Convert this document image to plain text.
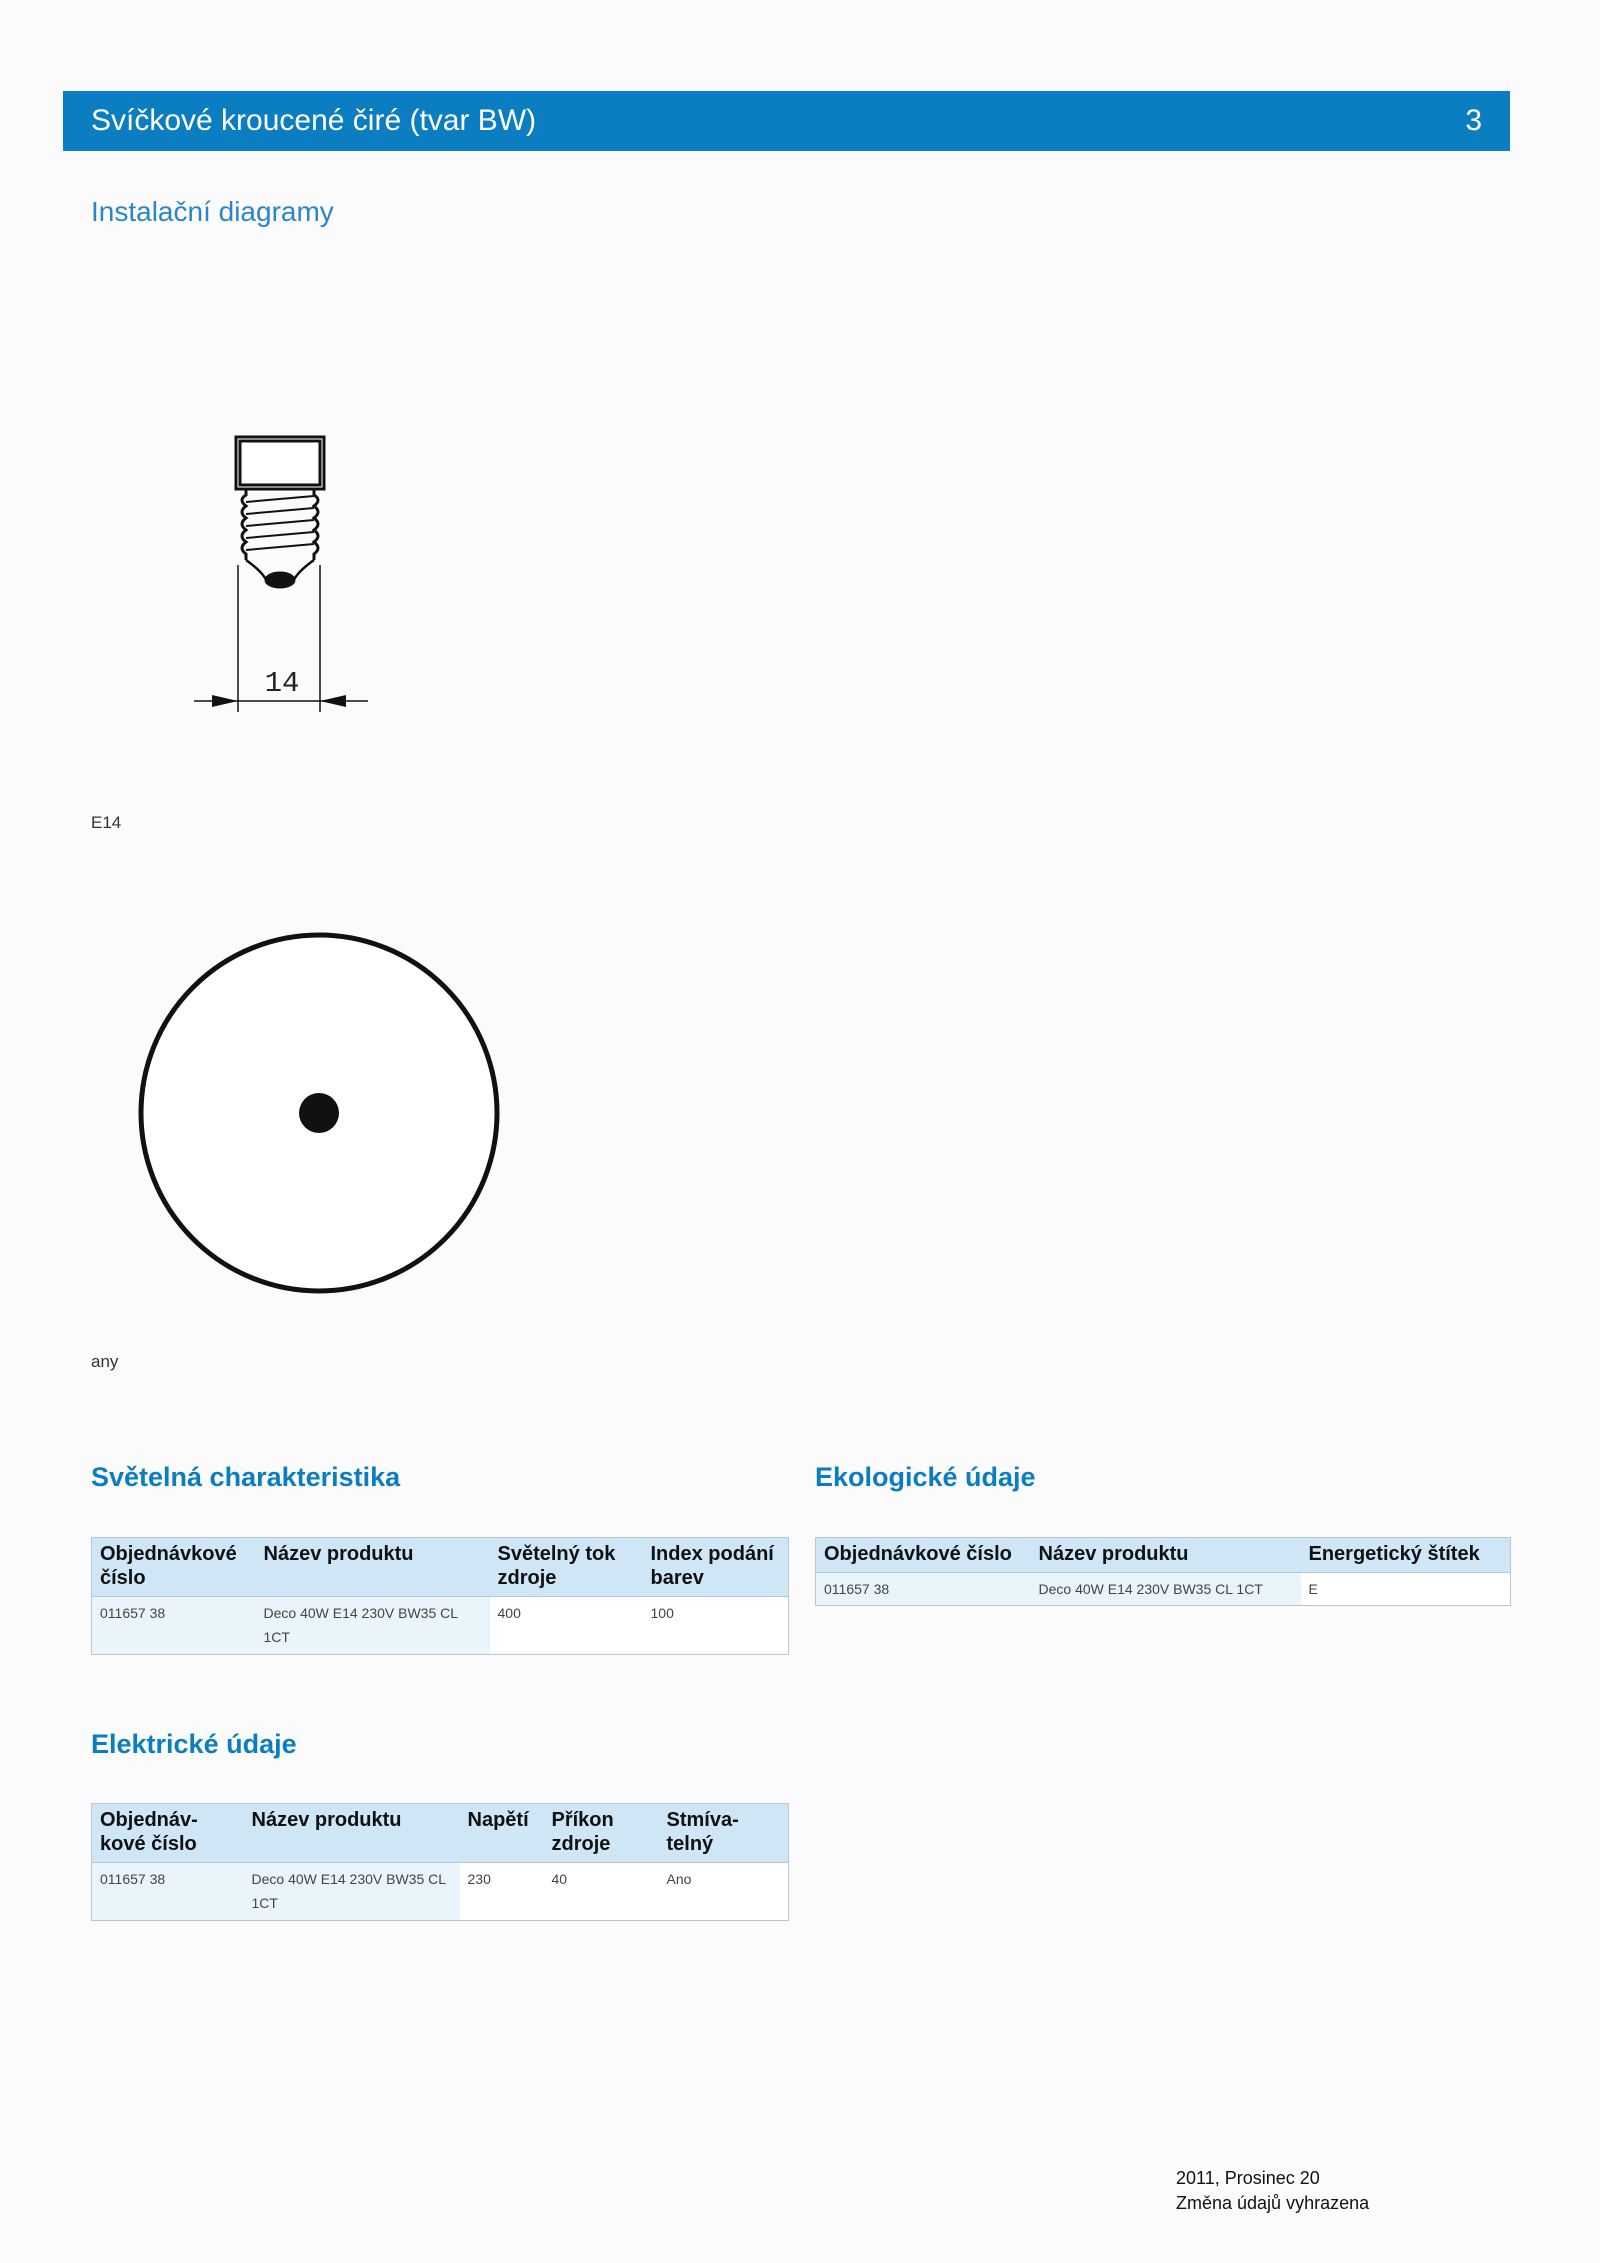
Svíčkové kroucené čiré (tvar BW)	3
Instalační diagramy
14
E14
any
Světelná charakteristika
Objednávkové číslo	Název produktu	Světelný tok zdroje	Index podání barev
011657 38	Deco 40W E14 230V BW35 CL 1CT	400	100
Ekologické údaje
Objednávkové číslo	Název produktu	Energetický štítek
011657 38	Deco 40W E14 230V BW35 CL 1CT	E
Elektrické údaje
Objednáv-kové číslo	Název produktu	Napětí	Příkon zdroje	Stmíva-telný
011657 38	Deco 40W E14 230V BW35 CL 1CT	230	40	Ano
2011, Prosinec 20
Změna údajů vyhrazena
